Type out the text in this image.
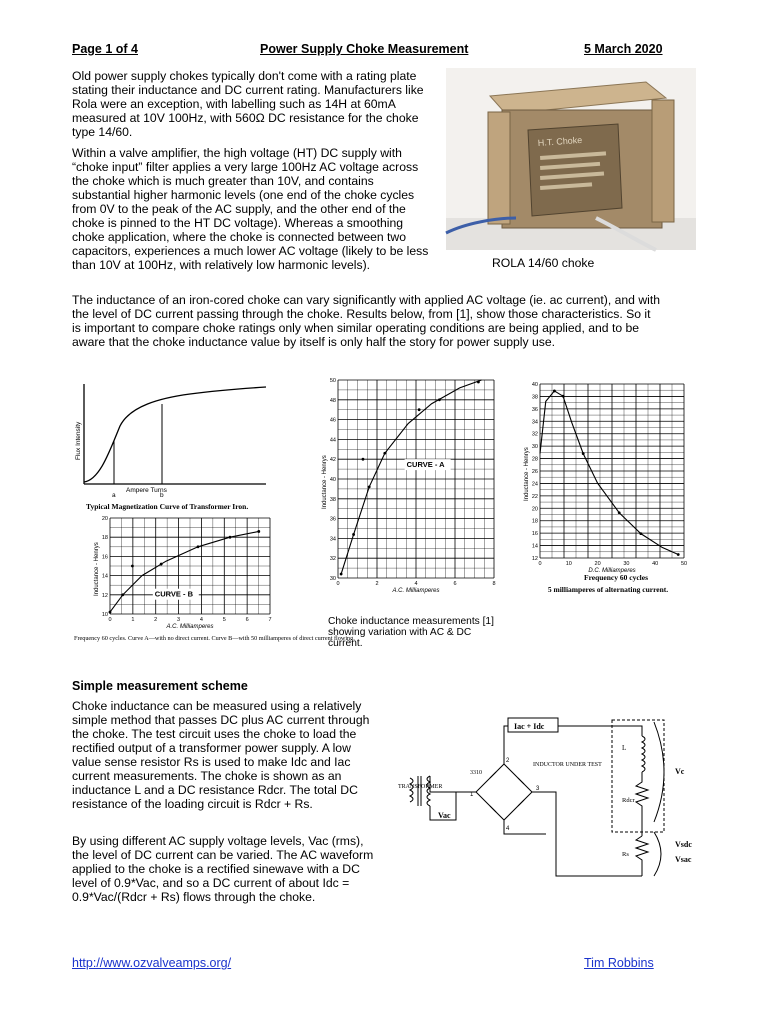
Page 1 of 4	Power Supply Choke Measurement	5 March 2020

Old power supply chokes typically don't come with a rating plate stating their inductance and DC current rating. Manufacturers like Rola were an exception, with labelling such as 14H at 60mA measured at 10V 100Hz, with 560Ω DC resistance for the choke type 14/60.

Within a valve amplifier, the high voltage (HT) DC supply with “choke input” filter applies a very large 100Hz AC voltage across the choke which is much greater than 10V, and contains substantial higher harmonic levels (one end of the choke cycles from 0V to the peak of the AC supply, and the other end of the choke is pinned to the HT DC voltage). Whereas a smoothing choke application, where the choke is connected between two capacitors, experiences a much lower AC voltage (likely to be less than 10V at 100Hz, with relatively low harmonic levels).

The inductance of an iron-cored choke can vary significantly with applied AC voltage (ie. ac current), and with the level of DC current passing through the choke. Results below, from [1], show those characteristics. So it is important to compare choke ratings only when similar operating conditions are being applied, and to be aware that the choke inductance value by itself is only half the story for power supply use.

H.T. Choke
ROLA 14/60 choke
Flux Intensity
Ampere Turns
a	b
Typical Magnetization Curve of Transformer Iron.
30
32
34
36
38
40
42
44
46
48
50
0	2	4	6	8
Inductance - Henrys
A.C. Milliamperes
CURVE - A
10
12
14
16
18
20
0	1	2	3	4	5	6	7
Inductance - Henrys
A.C. Milliamperes
CURVE - B
Frequency 60 cycles. Curve A—with no direct current. Curve B—with 50 milliamperes of direct current flowing.
12
14
16
18
20
22
24
26
28
30
32
34
36
38
40
0	10	20	30	40	50
Inductance - Henrys
D.C. Milliamperes
Frequency 60 cycles
5 milliamperes of alternating current.
Choke inductance measurements [1] showing variation with AC & DC current.
Simple measurement scheme

Choke inductance can be measured using a relatively simple method that passes DC plus AC current through the choke. The test circuit uses the choke to load the rectified output of a transformer power supply. A low value sense resistor Rs is used to make Idc and Iac current measurements. The choke is shown as an inductance L and a DC resistance Rdcr. The total DC resistance of the loading circuit is Rdcr + Rs.

By using different AC supply voltage levels, Vac (rms), the level of DC current can be varied. The AC waveform applied to the choke is a rectified sinewave with a DC level of 0.9*Vac, and so a DC current of about Idc = 0.9*Vac/(Rdcr + Rs) flows through the choke.

Iac + Idc
INDUCTOR UNDER TEST
TRANSFORMER
Vac
3310
L
Rdcr
Rs
Vc
Vsdc
Vsac
1
2
3
4
http://www.ozvalveamps.org/	Tim Robbins
